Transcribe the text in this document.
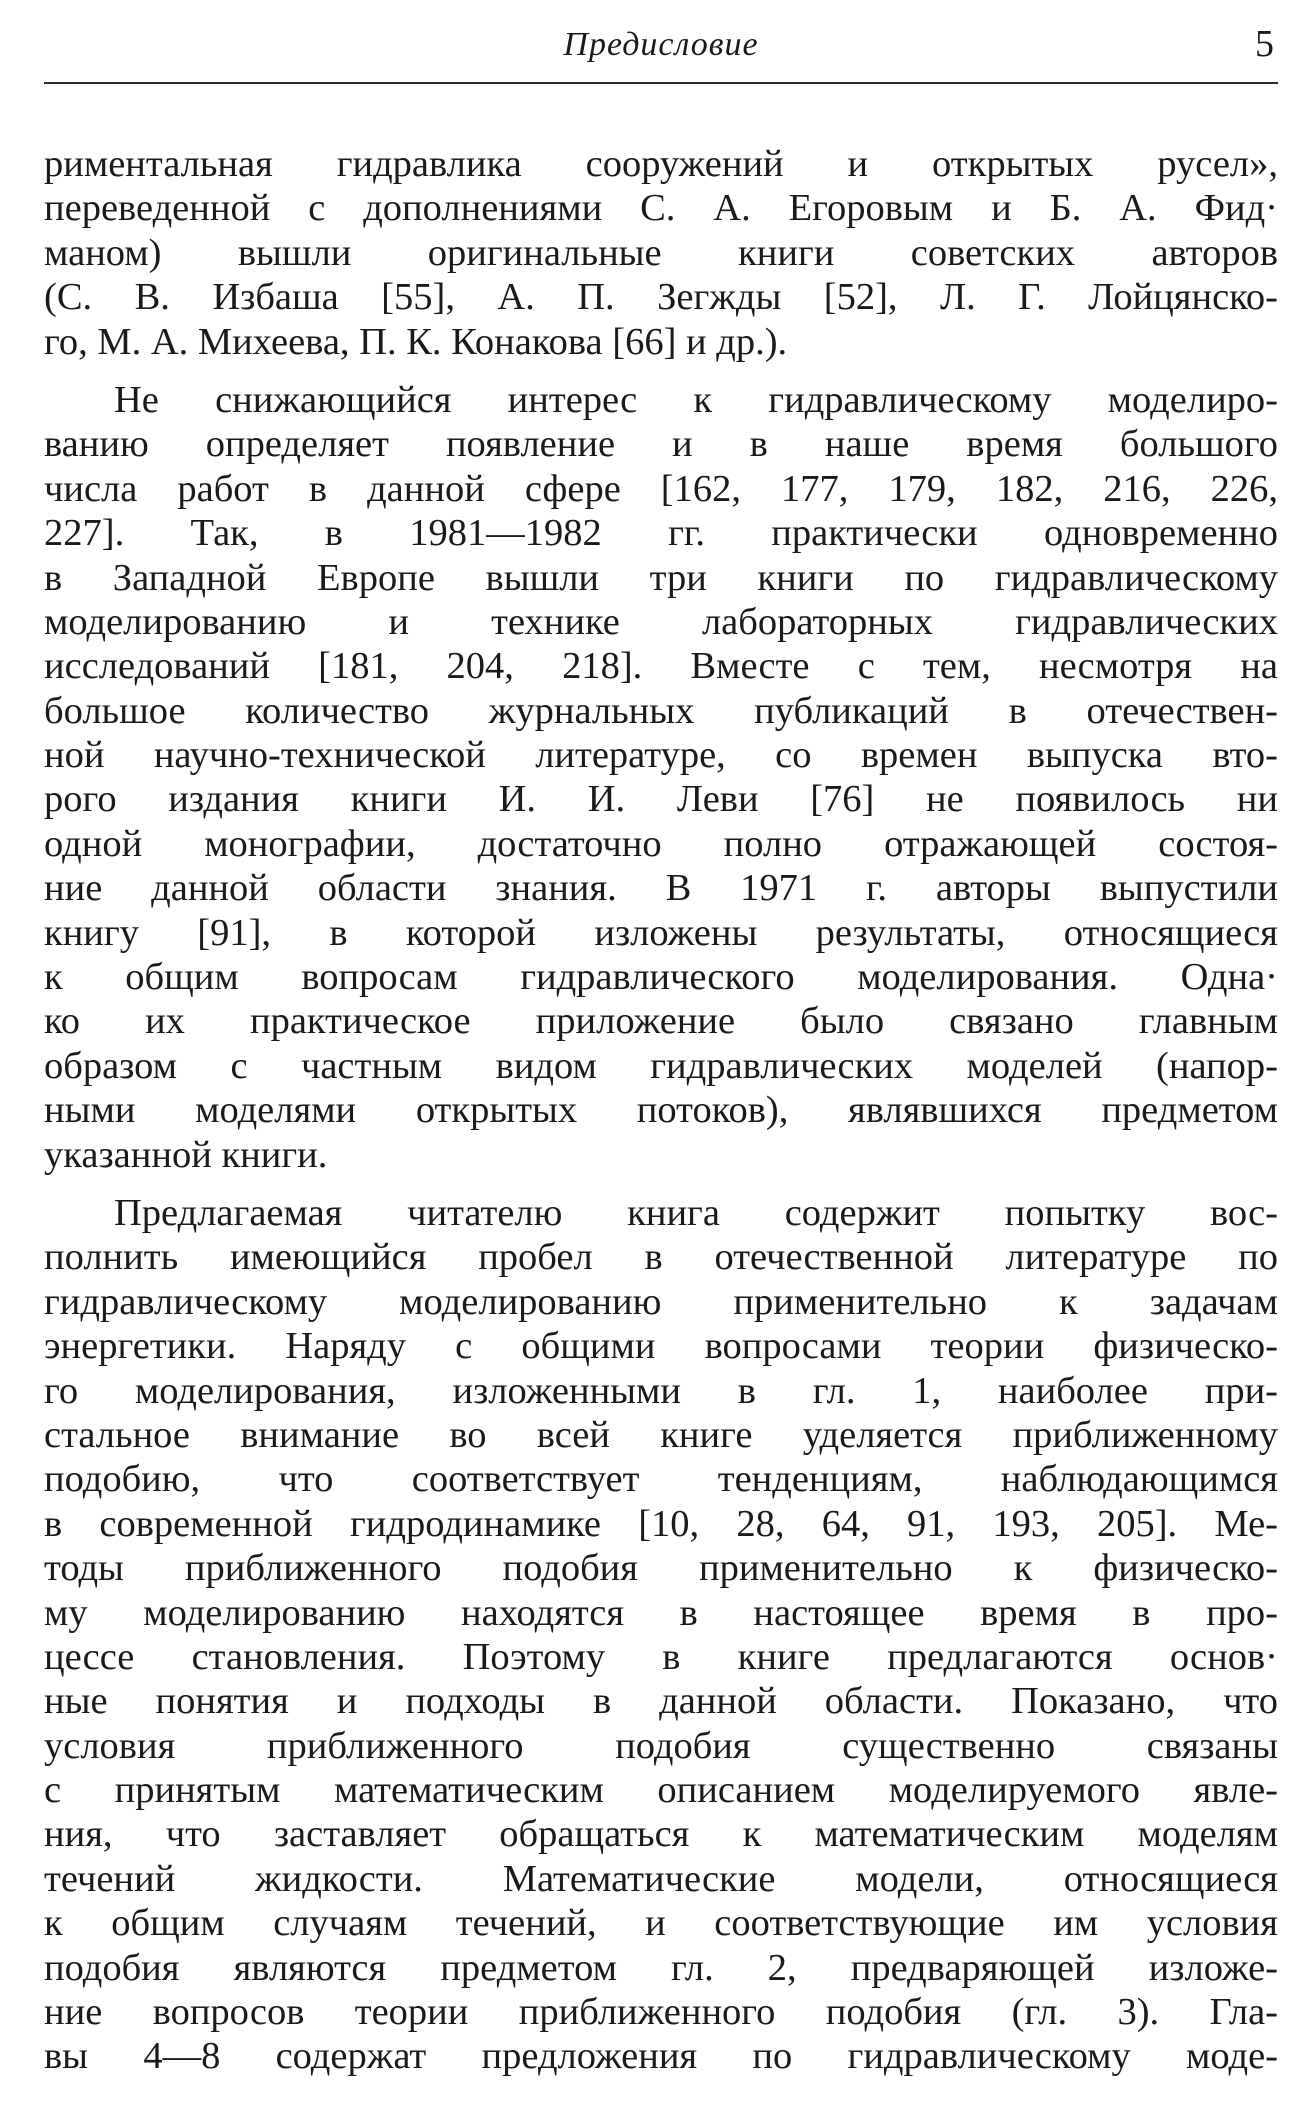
Предисловие	5
риментальная гидравлика сооружений и открытых русел»,
переведенной с дополнениями С. А. Егоровым и Б. А. Фид·
маном) вышли оригинальные книги советских авторов
(С. В. Избаша [55], А. П. Зегжды [52], Л. Г. Лойцянско-
го, М. А. Михеева, П. К. Конакова [66] и др.).
Не снижающийся интерес к гидравлическому моделиро-
ванию определяет появление и в наше время большого
числа работ в данной сфере [162, 177, 179, 182, 216, 226,
227]. Так, в 1981—1982 гг. практически одновременно
в Западной Европе вышли три книги по гидравлическому
моделированию и технике лабораторных гидравлических
исследований [181, 204, 218]. Вместе с тем, несмотря на
большое количество журнальных публикаций в отечествен-
ной научно-технической литературе, со времен выпуска вто-
рого издания книги И. И. Леви [76] не появилось ни
одной монографии, достаточно полно отражающей состоя-
ние данной области знания. В 1971 г. авторы выпустили
книгу [91], в которой изложены результаты, относящиеся
к общим вопросам гидравлического моделирования. Одна·
ко их практическое приложение было связано главным
образом с частным видом гидравлических моделей (напор-
ными моделями открытых потоков), являвшихся предметом
указанной книги.
Предлагаемая читателю книга содержит попытку вос-
полнить имеющийся пробел в отечественной литературе по
гидравлическому моделированию применительно к задачам
энергетики. Наряду с общими вопросами теории физическо-
го моделирования, изложенными в гл. 1, наиболее при-
стальное внимание во всей книге уделяется приближенному
подобию, что соответствует тенденциям, наблюдающимся
в современной гидродинамике [10, 28, 64, 91, 193, 205]. Ме-
тоды приближенного подобия применительно к физическо-
му моделированию находятся в настоящее время в про-
цессе становления. Поэтому в книге предлагаются основ·
ные понятия и подходы в данной области. Показано, что
условия приближенного подобия существенно связаны
с принятым математическим описанием моделируемого явле-
ния, что заставляет обращаться к математическим моделям
течений жидкости. Математические модели, относящиеся
к общим случаям течений, и соответствующие им условия
подобия являются предметом гл. 2, предваряющей изложе-
ние вопросов теории приближенного подобия (гл. 3). Гла-
вы 4—8 содержат предложения по гидравлическому моде-
